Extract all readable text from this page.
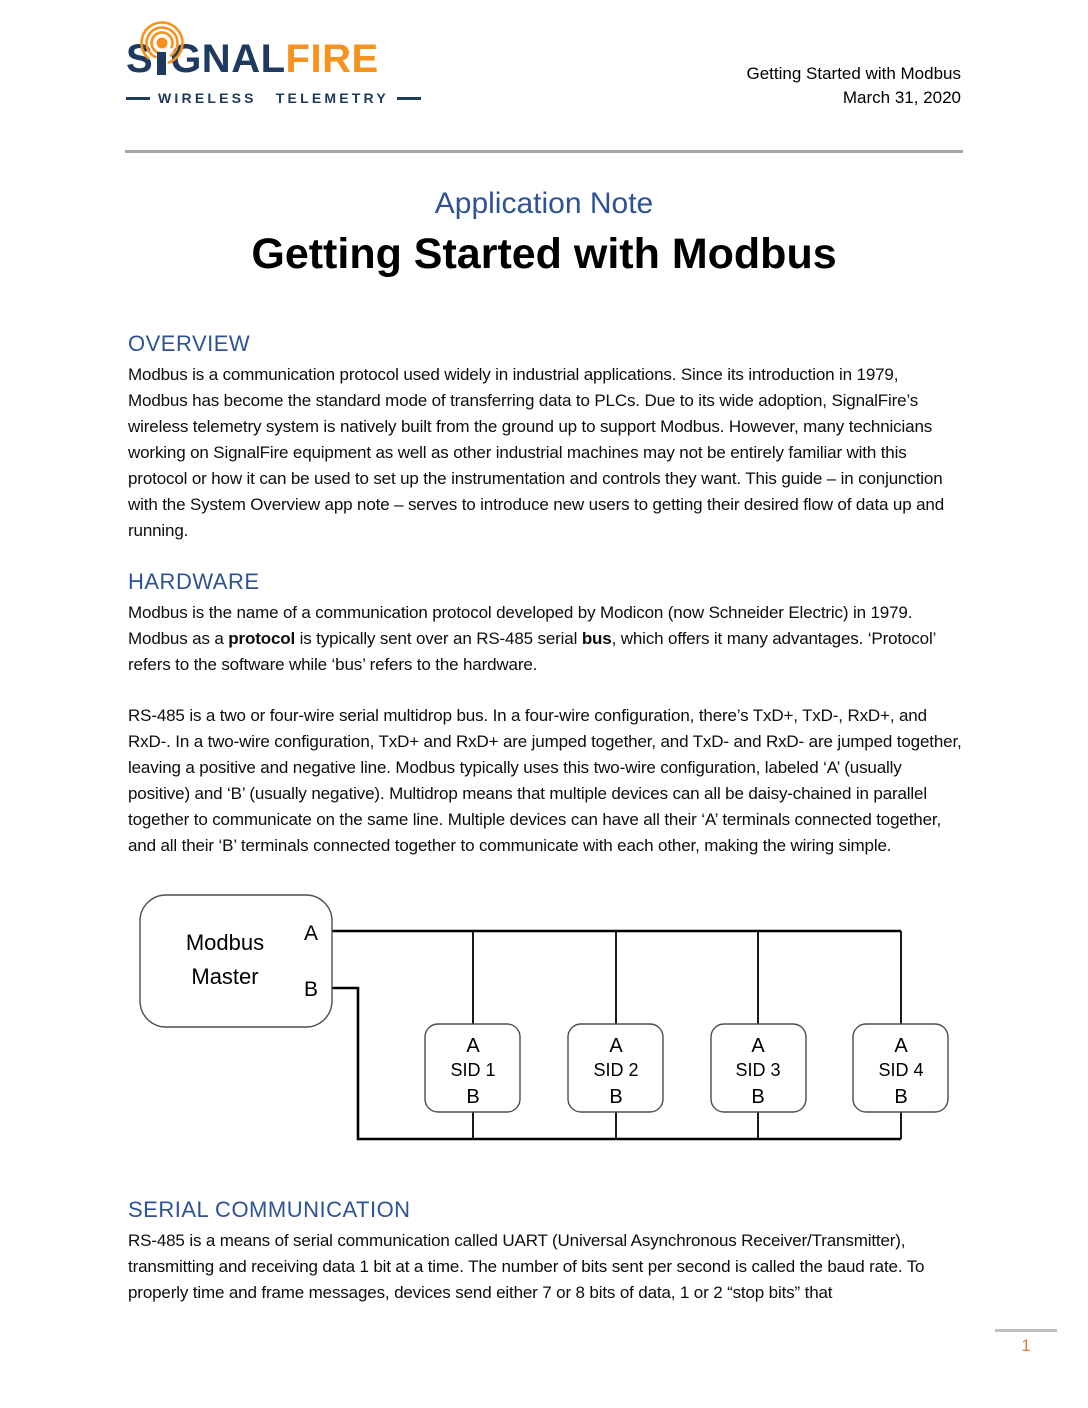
S GNAL FIRE
WIRELESS TELEMETRY
Getting Started with Modbus
March 31, 2020
Application Note
Getting Started with Modbus
OVERVIEW

Modbus is a communication protocol used widely in industrial applications. Since its introduction in 1979, Modbus has become the standard mode of transferring data to PLCs. Due to its wide adoption, SignalFire’s wireless telemetry system is natively built from the ground up to support Modbus. However, many technicians working on SignalFire equipment as well as other industrial machines may not be entirely familiar with this protocol or how it can be used to set up the instrumentation and controls they want. This guide – in conjunction with the System Overview app note – serves to introduce new users to getting their desired flow of data up and running.

HARDWARE

Modbus is the name of a communication protocol developed by Modicon (now Schneider Electric) in 1979. Modbus as a protocol is typically sent over an RS-485 serial bus, which offers it many advantages. ‘Protocol’ refers to the software while ‘bus’ refers to the hardware.

RS-485 is a two or four-wire serial multidrop bus. In a four-wire configuration, there’s TxD+, TxD-, RxD+, and RxD-. In a two-wire configuration, TxD+ and RxD+ are jumped together, and TxD- and RxD- are jumped together, leaving a positive and negative line. Modbus typically uses this two-wire configuration, labeled ‘A’ (usually positive) and ‘B’ (usually negative). Multidrop means that multiple devices can all be daisy-chained in parallel together to communicate on the same line. Multiple devices can have all their ‘A’ terminals connected together, and all their ‘B’ terminals connected together to communicate with each other, making the wiring simple.

Modbus
Master
A
B
A
SID 1
B
A
SID 2
B
A
SID 3
B
A
SID 4
B
SERIAL COMMUNICATION

RS-485 is a means of serial communication called UART (Universal Asynchronous Receiver/Transmitter), transmitting and receiving data 1 bit at a time. The number of bits sent per second is called the baud rate. To properly time and frame messages, devices send either 7 or 8 bits of data, 1 or 2 “stop bits” that

1
